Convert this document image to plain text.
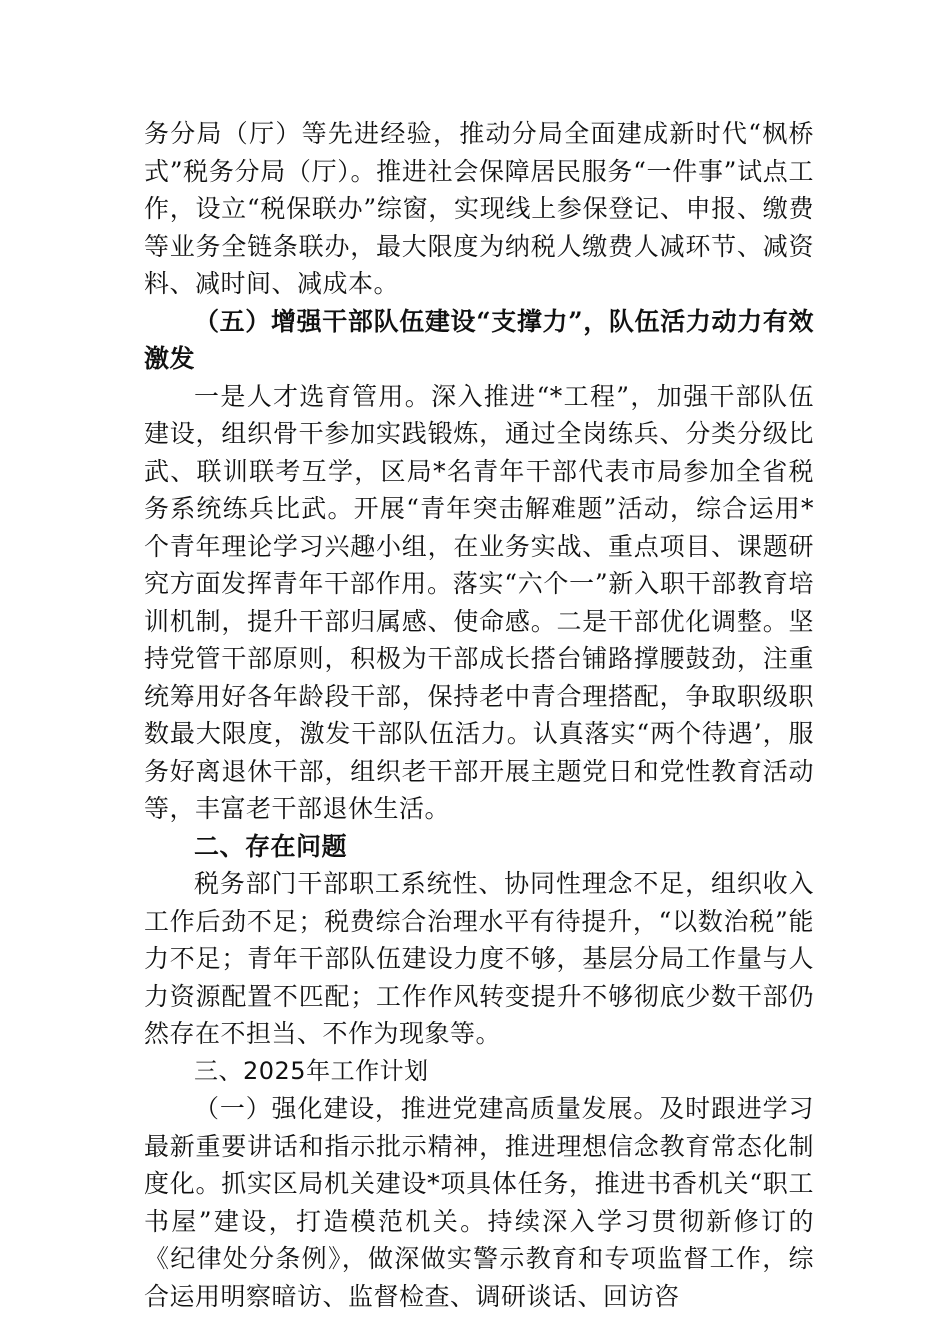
务分局（厅）等先进经验，推动分局全面建成新时代“枫桥式”税务分局（厅）。推进社会保障居民服务“一件事”试点工作，设立“税保联办”综窗，实现线上参保登记、申报、缴费等业务全链条联办，最大限度为纳税人缴费人减环节、减资料、减时间、减成本。

（五）增强干部队伍建设“支撑力”，队伍活力动力有效激发

一是人才选育管用。深入推进“*工程”，加强干部队伍建设，组织骨干参加实践锻炼，通过全岗练兵、分类分级比武、联训联考互学，区局*名青年干部代表市局参加全省税务系统练兵比武。开展“青年突击解难题”活动，综合运用*个青年理论学习兴趣小组，在业务实战、重点项目、课题研究方面发挥青年干部作用。落实“六个一”新入职干部教育培训机制，提升干部归属感、使命感。二是干部优化调整。坚持党管干部原则，积极为干部成长搭台铺路撑腰鼓劲，注重统筹用好各年龄段干部，保持老中青合理搭配，争取职级职数最大限度，激发干部队伍活力。认真落实“两个待遇’，服务好离退休干部，组织老干部开展主题党日和党性教育活动等，丰富老干部退休生活。

二、存在问题

税务部门干部职工系统性、协同性理念不足，组织收入工作后劲不足；税费综合治理水平有待提升，“以数治税”能力不足；青年干部队伍建设力度不够，基层分局工作量与人力资源配置不匹配；工作作风转变提升不够彻底少数干部仍然存在不担当、不作为现象等。

三、2025年工作计划

（一）强化建设，推进党建高质量发展。及时跟进学习最新重要讲话和指示批示精神，推进理想信念教育常态化制度化。抓实区局机关建设*项具体任务，推进书香机关“职工书屋”建设，打造模范机关。持续深入学习贯彻新修订的《纪律处分条例》，做深做实警示教育和专项监督工作，综合运用明察暗访、监督检查、调研谈话、回访咨
